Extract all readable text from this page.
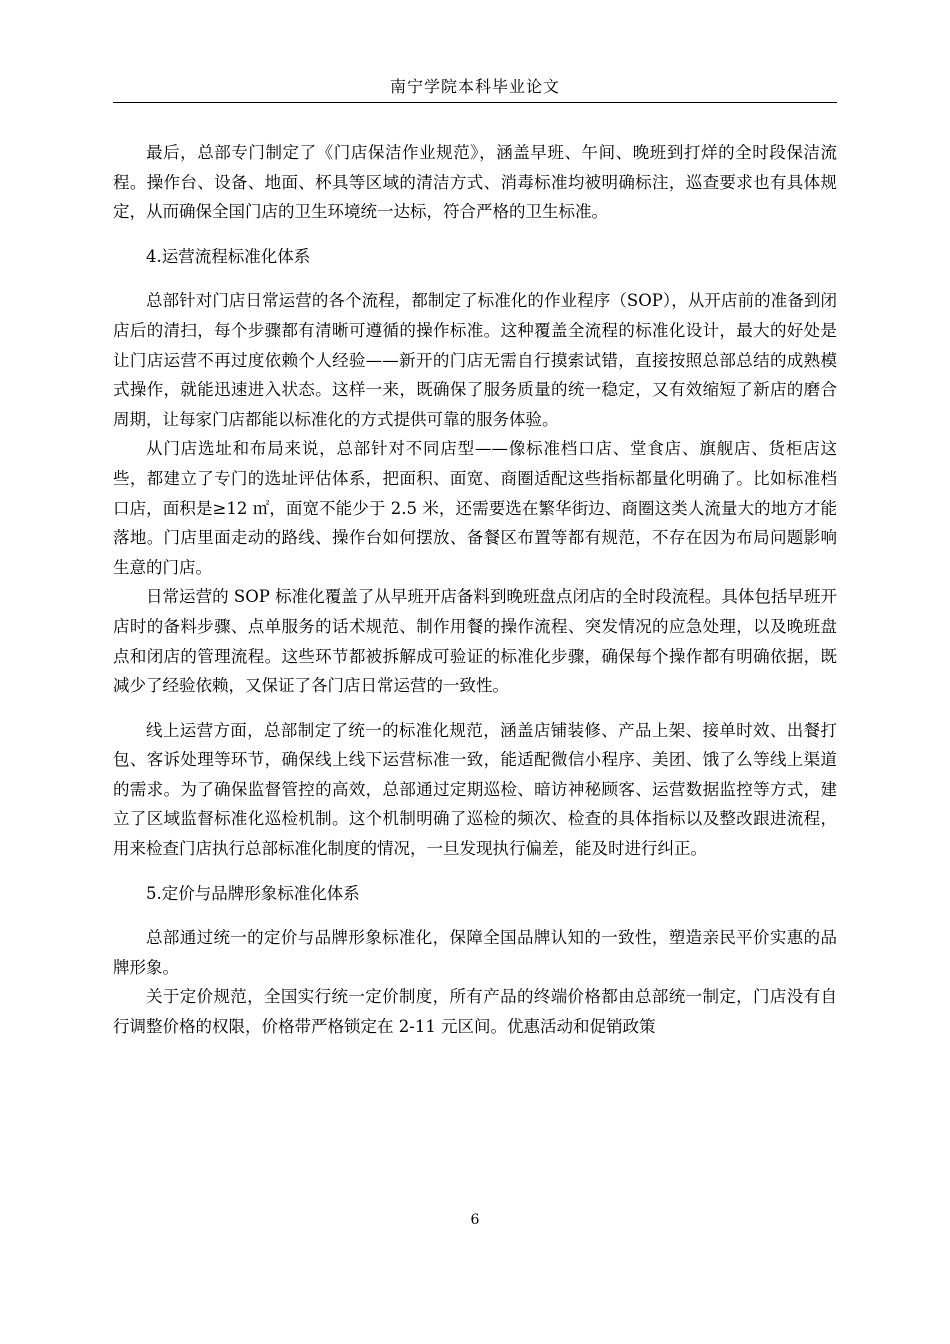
南宁学院本科毕业论文

最后，总部专门制定了《门店保洁作业规范》，涵盖早班、午间、晚班到打烊的全时段保洁流程。操作台、设备、地面、杯具等区域的清洁方式、消毒标准均被明确标注，巡查要求也有具体规定，从而确保全国门店的卫生环境统一达标，符合严格的卫生标准。

4.运营流程标准化体系

总部针对门店日常运营的各个流程，都制定了标准化的作业程序（SOP），从开店前的准备到闭店后的清扫，每个步骤都有清晰可遵循的操作标准。这种覆盖全流程的标准化设计，最大的好处是让门店运营不再过度依赖个人经验——新开的门店无需自行摸索试错，直接按照总部总结的成熟模式操作，就能迅速进入状态。这样一来，既确保了服务质量的统一稳定，又有效缩短了新店的磨合周期，让每家门店都能以标准化的方式提供可靠的服务体验。

从门店选址和布局来说，总部针对不同店型——像标准档口店、堂食店、旗舰店、货柜店这些，都建立了专门的选址评估体系，把面积、面宽、商圈适配这些指标都量化明确了。比如标准档口店，面积是≥12 ㎡，面宽不能少于 2.5 米，还需要选在繁华街边、商圈这类人流量大的地方才能落地。门店里面走动的路线、操作台如何摆放、备餐区布置等都有规范，不存在因为布局问题影响生意的门店。

日常运营的 SOP 标准化覆盖了从早班开店备料到晚班盘点闭店的全时段流程。具体包括早班开店时的备料步骤、点单服务的话术规范、制作用餐的操作流程、突发情况的应急处理，以及晚班盘点和闭店的管理流程。这些环节都被拆解成可验证的标准化步骤，确保每个操作都有明确依据，既减少了经验依赖，又保证了各门店日常运营的一致性。

线上运营方面，总部制定了统一的标准化规范，涵盖店铺装修、产品上架、接单时效、出餐打包、客诉处理等环节，确保线上线下运营标准一致，能适配微信小程序、美团、饿了么等线上渠道的需求。为了确保监督管控的高效，总部通过定期巡检、暗访神秘顾客、运营数据监控等方式，建立了区域监督标准化巡检机制。这个机制明确了巡检的频次、检查的具体指标以及整改跟进流程，用来检查门店执行总部标准化制度的情况，一旦发现执行偏差，能及时进行纠正。

5.定价与品牌形象标准化体系

总部通过统一的定价与品牌形象标准化，保障全国品牌认知的一致性，塑造亲民平价实惠的品牌形象。

关于定价规范，全国实行统一定价制度，所有产品的终端价格都由总部统一制定，门店没有自行调整价格的权限，价格带严格锁定在 2-11 元区间。优惠活动和促销政策

6
